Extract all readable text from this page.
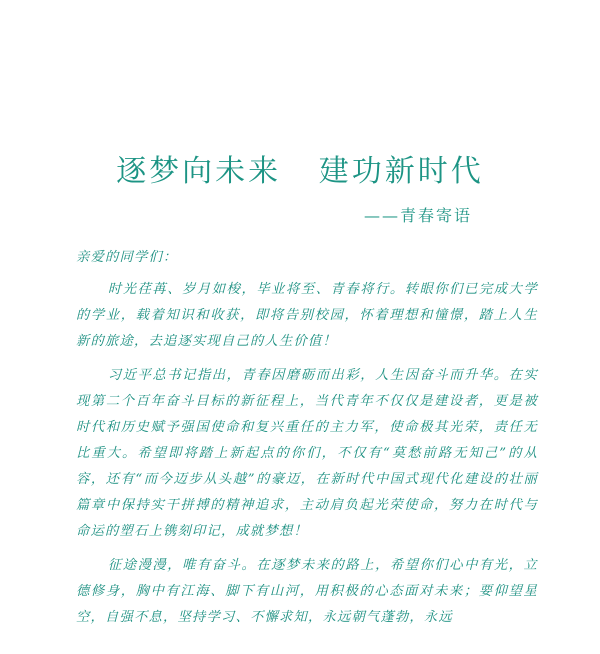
逐梦向未来   建功新时代
——青春寄语

亲爱的同学们：

时光荏苒、岁月如梭，毕业将至、青春将行。转眼你们已完成大学的学业，载着知识和收获，即将告别校园，怀着理想和憧憬，踏上人生新的旅途，去追逐实现自己的人生价值！

习近平总书记指出，青春因磨砺而出彩，人生因奋斗而升华。在实现第二个百年奋斗目标的新征程上，当代青年不仅仅是建设者，更是被时代和历史赋予强国使命和复兴重任的主力军，使命极其光荣，责任无比重大。希望即将踏上新起点的你们，不仅有“莫愁前路无知己”的从容，还有“而今迈步从头越”的豪迈，在新时代中国式现代化建设的壮丽篇章中保持实干拼搏的精神追求，主动肩负起光荣使命，努力在时代与命运的塑石上镌刻印记，成就梦想！

征途漫漫，唯有奋斗。在逐梦未来的路上，希望你们心中有光，立德修身，胸中有江海、脚下有山河，用积极的心态面对未来；要仰望星空，自强不息，坚持学习、不懈求知，永远朝气蓬勃，永远
